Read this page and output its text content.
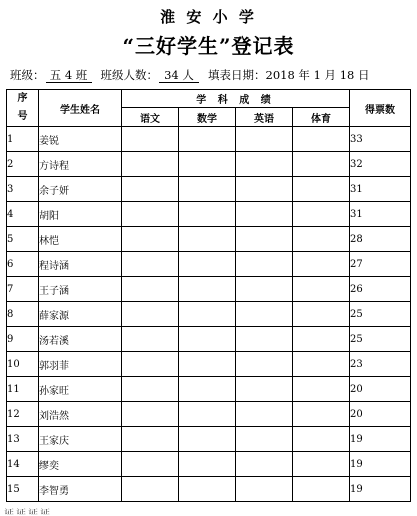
淮 安 小 学
“三好学生”登记表
班级： 五 4 班	班级人数： 34 人	填表日期：2018 年 1 月 18 日
序
号	学生姓名	学 科 成 绩				得票数
		语文	数学	英语	体育	
1	姜锐					33
2	方诗程					32
3	余子妍					31
4	胡阳					31
5	林恺					28
6	程诗涵					27
7	王子涵					26
8	薛家源					25
9	汤若溪					25
10	郭羽菲					23
11	孙家旺					20
12	刘浩然					20
13	王家庆					19
14	缪奕					19
15	李智勇					19
证证证证
